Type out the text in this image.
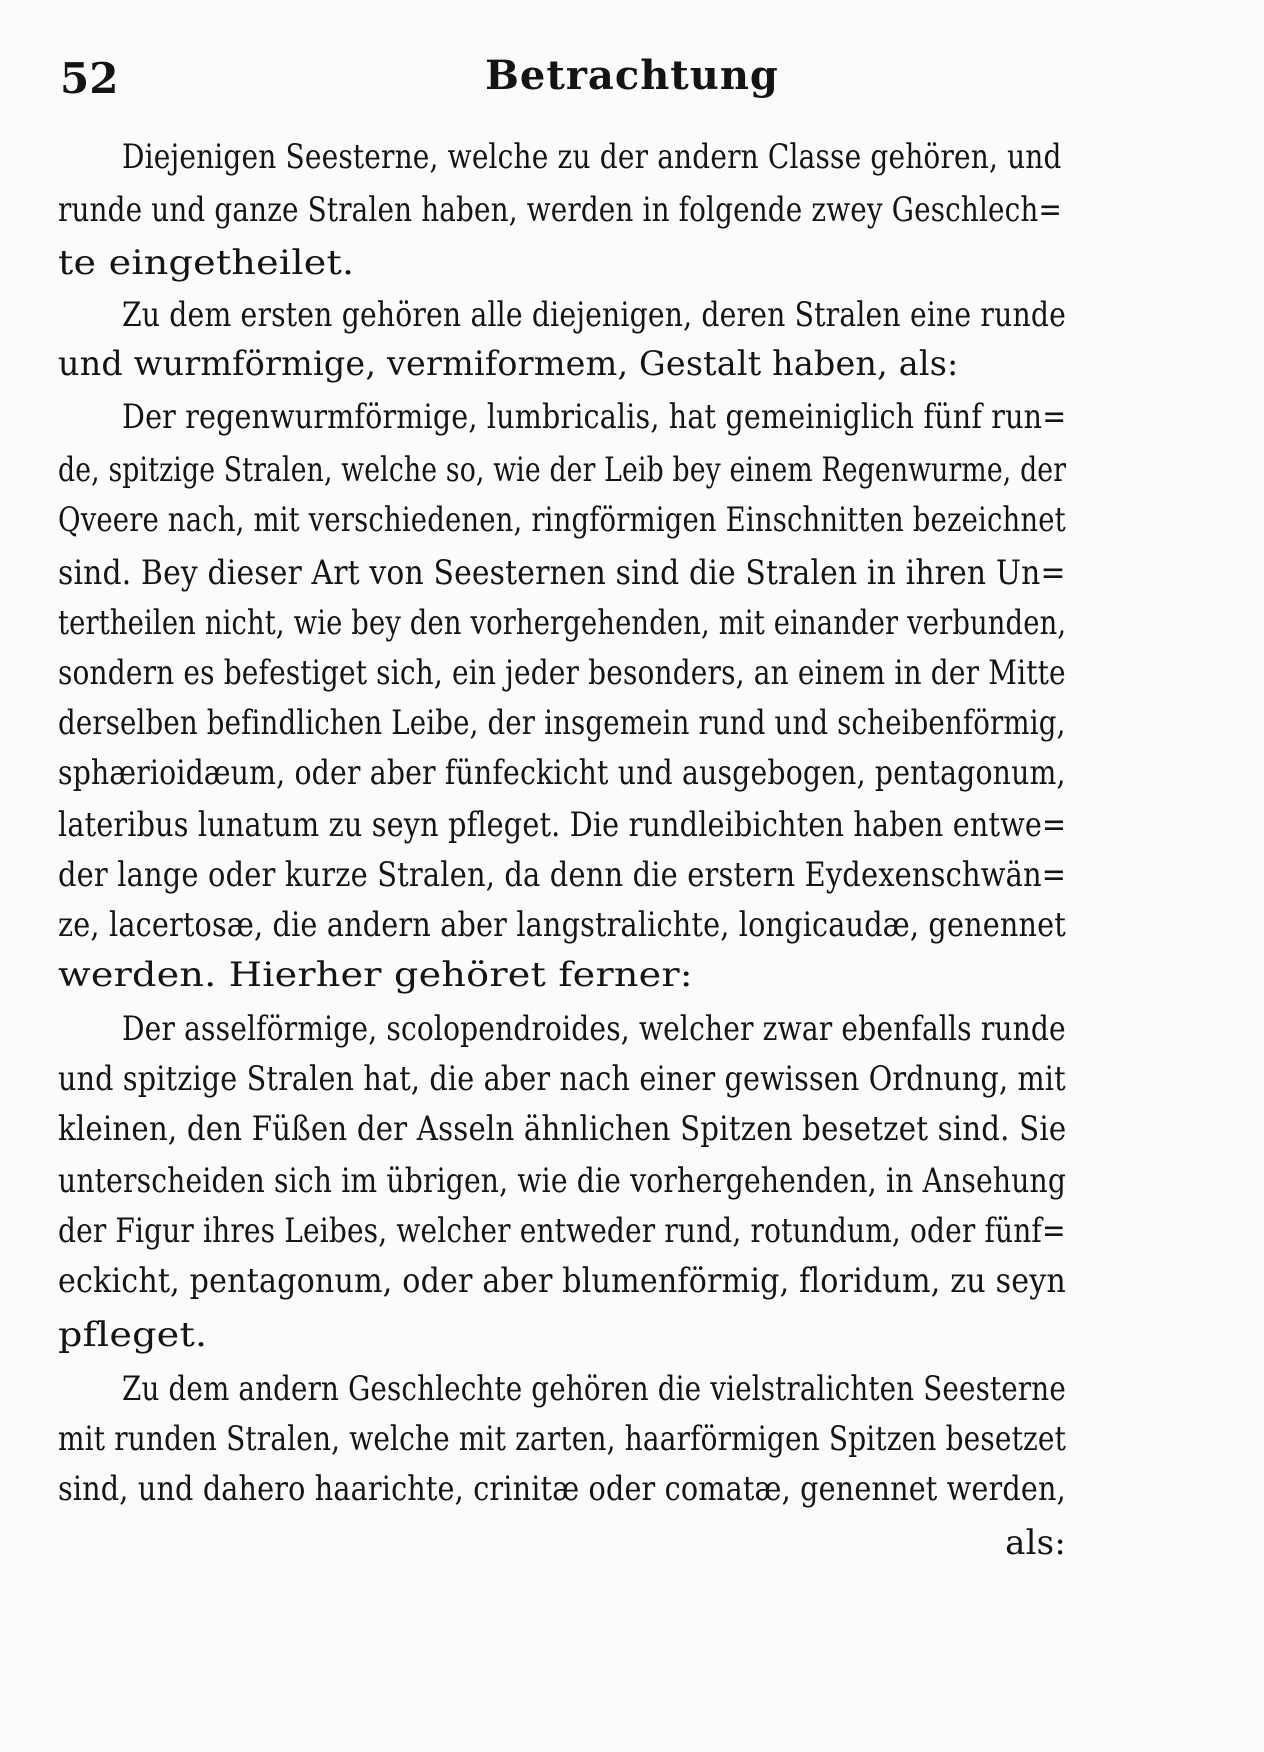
52	Betrachtung
Diejenigen Seesterne, welche zu der andern Classe gehören, und
runde und ganze Stralen haben, werden in folgende zwey Geschlech=
te eingetheilet.
Zu dem ersten gehören alle diejenigen, deren Stralen eine runde
und wurmförmige, vermiformem, Gestalt haben, als:
Der regenwurmförmige, lumbricalis, hat gemeiniglich fünf run=
de, spitzige Stralen, welche so, wie der Leib bey einem Regenwurme, der
Qveere nach, mit verschiedenen, ringförmigen Einschnitten bezeichnet
sind. Bey dieser Art von Seesternen sind die Stralen in ihren Un=
tertheilen nicht, wie bey den vorhergehenden, mit einander verbunden,
sondern es befestiget sich, ein jeder besonders, an einem in der Mitte
derselben befindlichen Leibe, der insgemein rund und scheibenförmig,
sphærioidæum, oder aber fünfeckicht und ausgebogen, pentagonum,
lateribus lunatum zu seyn pfleget. Die rundleibichten haben entwe=
der lange oder kurze Stralen, da denn die erstern Eydexenschwän=
ze, lacertosæ, die andern aber langstralichte, longicaudæ, genennet
werden. Hierher gehöret ferner:
Der asselförmige, scolopendroides, welcher zwar ebenfalls runde
und spitzige Stralen hat, die aber nach einer gewissen Ordnung, mit
kleinen, den Füßen der Asseln ähnlichen Spitzen besetzet sind. Sie
unterscheiden sich im übrigen, wie die vorhergehenden, in Ansehung
der Figur ihres Leibes, welcher entweder rund, rotundum, oder fünf=
eckicht, pentagonum, oder aber blumenförmig, floridum, zu seyn
pfleget.
Zu dem andern Geschlechte gehören die vielstralichten Seesterne
mit runden Stralen, welche mit zarten, haarförmigen Spitzen besetzet
sind, und dahero haarichte, crinitæ oder comatæ, genennet werden,
als:
